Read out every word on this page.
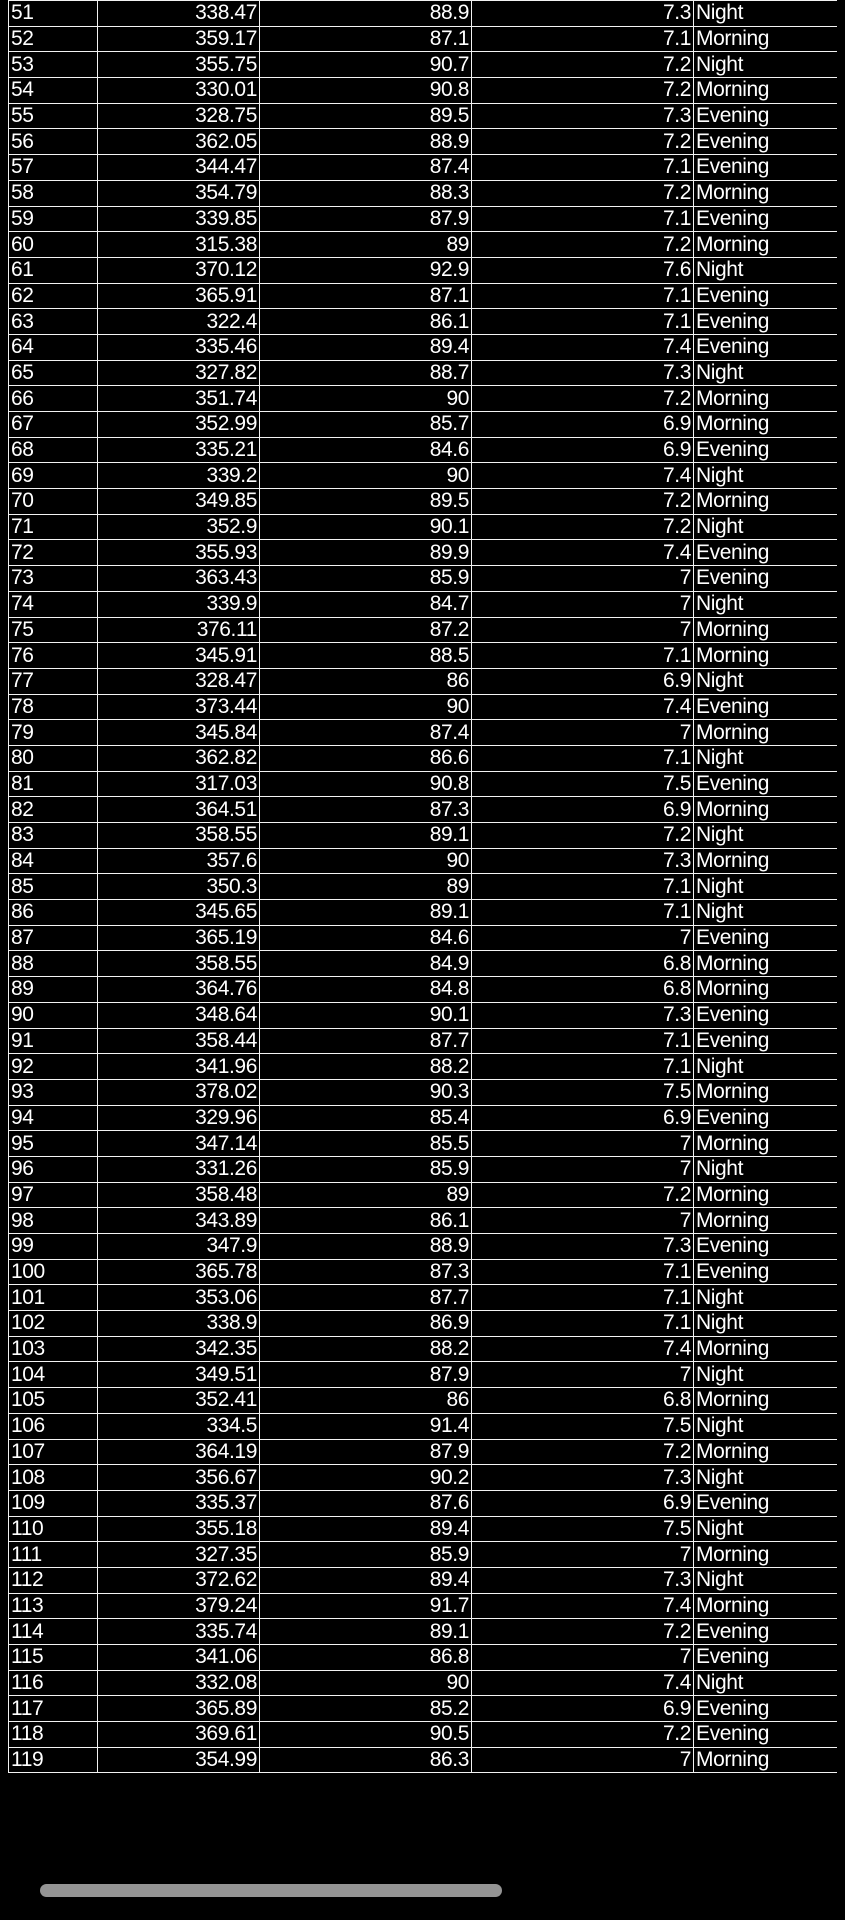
51	338.47	88.9	7.3	Night
52	359.17	87.1	7.1	Morning
53	355.75	90.7	7.2	Night
54	330.01	90.8	7.2	Morning
55	328.75	89.5	7.3	Evening
56	362.05	88.9	7.2	Evening
57	344.47	87.4	7.1	Evening
58	354.79	88.3	7.2	Morning
59	339.85	87.9	7.1	Evening
60	315.38	89	7.2	Morning
61	370.12	92.9	7.6	Night
62	365.91	87.1	7.1	Evening
63	322.4	86.1	7.1	Evening
64	335.46	89.4	7.4	Evening
65	327.82	88.7	7.3	Night
66	351.74	90	7.2	Morning
67	352.99	85.7	6.9	Morning
68	335.21	84.6	6.9	Evening
69	339.2	90	7.4	Night
70	349.85	89.5	7.2	Morning
71	352.9	90.1	7.2	Night
72	355.93	89.9	7.4	Evening
73	363.43	85.9	7	Evening
74	339.9	84.7	7	Night
75	376.11	87.2	7	Morning
76	345.91	88.5	7.1	Morning
77	328.47	86	6.9	Night
78	373.44	90	7.4	Evening
79	345.84	87.4	7	Morning
80	362.82	86.6	7.1	Night
81	317.03	90.8	7.5	Evening
82	364.51	87.3	6.9	Morning
83	358.55	89.1	7.2	Night
84	357.6	90	7.3	Morning
85	350.3	89	7.1	Night
86	345.65	89.1	7.1	Night
87	365.19	84.6	7	Evening
88	358.55	84.9	6.8	Morning
89	364.76	84.8	6.8	Morning
90	348.64	90.1	7.3	Evening
91	358.44	87.7	7.1	Evening
92	341.96	88.2	7.1	Night
93	378.02	90.3	7.5	Morning
94	329.96	85.4	6.9	Evening
95	347.14	85.5	7	Morning
96	331.26	85.9	7	Night
97	358.48	89	7.2	Morning
98	343.89	86.1	7	Morning
99	347.9	88.9	7.3	Evening
100	365.78	87.3	7.1	Evening
101	353.06	87.7	7.1	Night
102	338.9	86.9	7.1	Night
103	342.35	88.2	7.4	Morning
104	349.51	87.9	7	Night
105	352.41	86	6.8	Morning
106	334.5	91.4	7.5	Night
107	364.19	87.9	7.2	Morning
108	356.67	90.2	7.3	Night
109	335.37	87.6	6.9	Evening
110	355.18	89.4	7.5	Night
111	327.35	85.9	7	Morning
112	372.62	89.4	7.3	Night
113	379.24	91.7	7.4	Morning
114	335.74	89.1	7.2	Evening
115	341.06	86.8	7	Evening
116	332.08	90	7.4	Night
117	365.89	85.2	6.9	Evening
118	369.61	90.5	7.2	Evening
119	354.99	86.3	7	Morning
